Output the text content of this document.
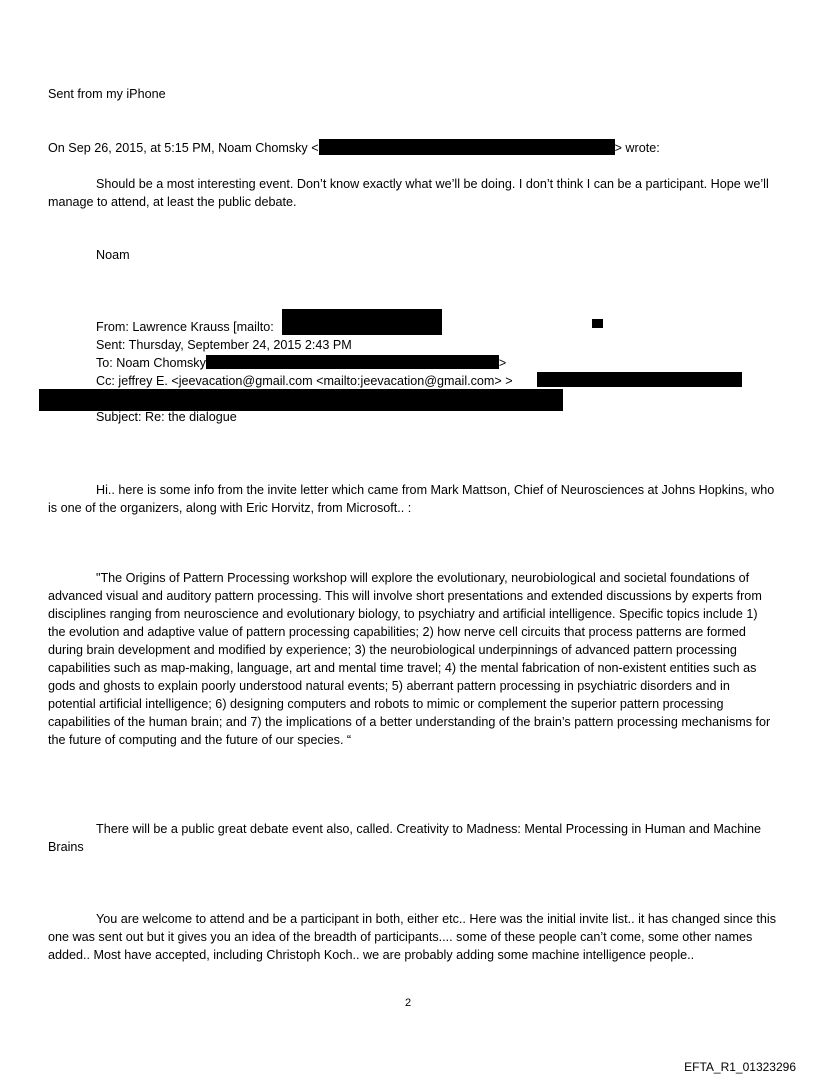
Sent from my iPhone
On Sep 26, 2015, at 5:15 PM, Noam Chomsky <	> wrote:
Should be a most interesting event. Don’t know exactly what we’ll be doing. I don’t think I can be a participant. Hope we’ll manage to attend, at least the public debate.
Noam
From: Lawrence Krauss [mailto:
Sent: Thursday, September 24, 2015 2:43 PM
To: Noam Chomsky	>
Cc: jeffrey E. <jeevacation@gmail.com <mailto:jeevacation@gmail.com> >
Subject: Re: the dialogue
Hi.. here is some info from the invite letter which came from Mark Mattson, Chief of Neurosciences at Johns Hopkins, who is one of the organizers, along with Eric Horvitz, from Microsoft.. :
"The Origins of Pattern Processing workshop will explore the evolutionary, neurobiological and societal foundations of advanced visual and auditory pattern processing. This will involve short presentations and extended discussions by experts from disciplines ranging from neuroscience and evolutionary biology, to psychiatry and artificial intelligence. Specific topics include 1) the evolution and adaptive value of pattern processing capabilities; 2) how nerve cell circuits that process patterns are formed during brain development and modified by experience; 3) the neurobiological underpinnings of advanced pattern processing capabilities such as map-making, language, art and mental time travel; 4) the mental fabrication of non-existent entities such as gods and ghosts to explain poorly understood natural events; 5) aberrant pattern processing in psychiatric disorders and in potential artificial intelligence; 6) designing computers and robots to mimic or complement the superior pattern processing capabilities of the human brain; and 7) the implications of a better understanding of the brain’s pattern processing mechanisms for the future of computing and the future of our species. “
There will be a public great debate event also, called. Creativity to Madness: Mental Processing in Human and Machine Brains
You are welcome to attend and be a participant in both, either etc.. Here was the initial invite list.. it has changed since this one was sent out but it gives you an idea of the breadth of participants.... some of these people can’t come, some other names added.. Most have accepted, including Christoph Koch.. we are probably adding some machine intelligence people..
2
EFTA_R1_01323296
